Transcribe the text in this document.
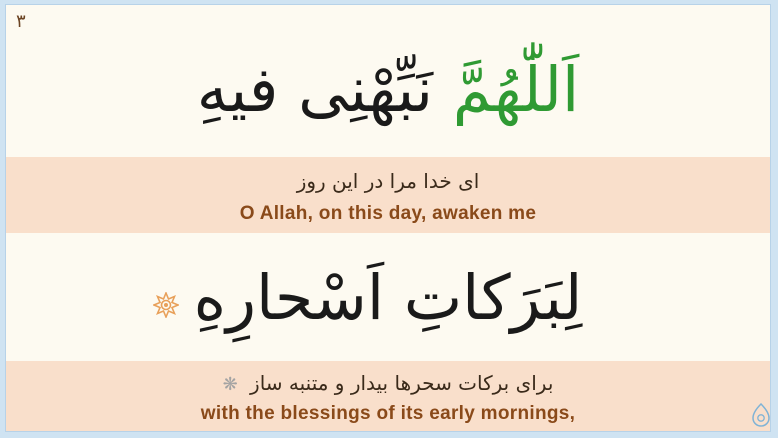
۳
اَللّٰهُمَّ نَبِّهْنِى فيهِ
ای خدا مرا در این روز
O Allah, on this day, awaken me
لِبَرَكاتِ اَسْحارِهِ
برای برکات سحرها بیدار و متنبه ساز ❋
with the blessings of its early mornings,
